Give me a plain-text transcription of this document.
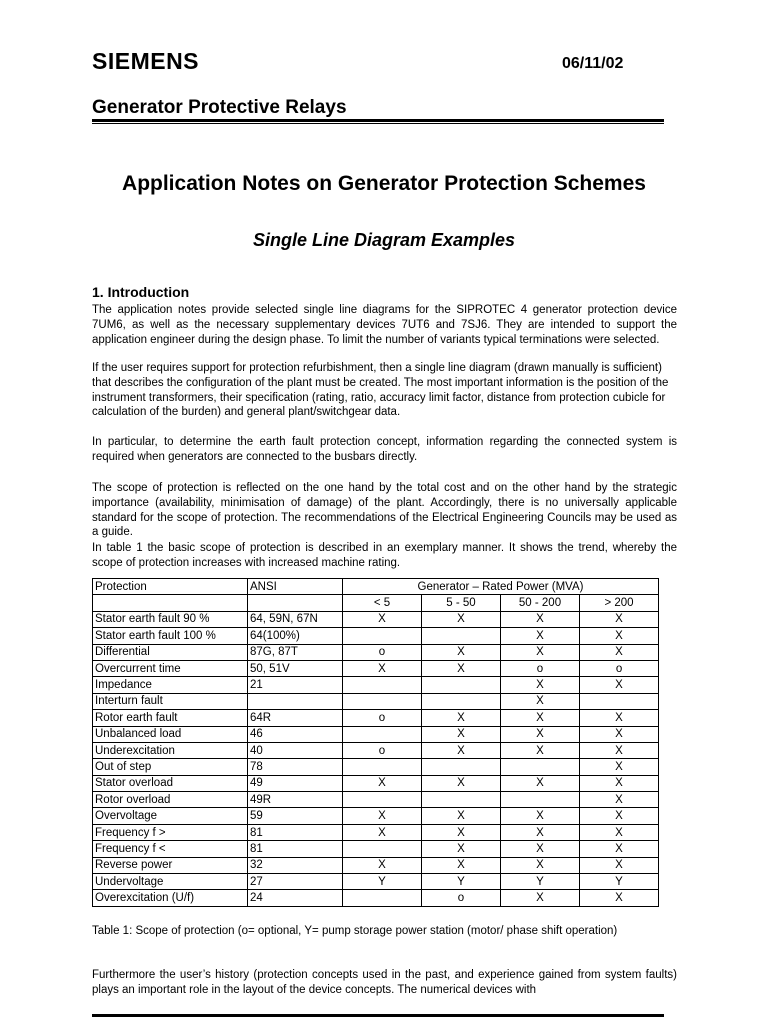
SIEMENS	06/11/02
Generator Protective Relays
Application Notes on Generator Protection Schemes
Single Line Diagram Examples
1. Introduction
The application notes provide selected single line diagrams for the SIPROTEC 4 generator protection device 7UM6, as well as the necessary supplementary devices 7UT6 and 7SJ6. They are intended to support the application engineer during the design phase. To limit the number of variants typical terminations were selected.
If the user requires support for protection refurbishment, then a single line diagram (drawn manually is sufficient) that describes the configuration of the plant must be created. The most important information is the position of the instrument transformers, their specification (rating, ratio, accuracy limit factor, distance from protection cubicle for calculation of the burden) and general plant/switchgear data.
In particular, to determine the earth fault protection concept, information regarding the connected system is required when generators are connected to the busbars directly.
The scope of protection is reflected on the one hand by the total cost and on the other hand by the strategic importance (availability, minimisation of damage) of the plant. Accordingly, there is no universally applicable standard for the scope of protection. The recommendations of the Electrical Engineering Councils may be used as a guide.
In table 1 the basic scope of protection is described in an exemplary manner. It shows the trend, whereby the scope of protection increases with increased machine rating.
Protection	ANSI	Generator – Rated Power (MVA)			
		< 5	5 - 50	50 - 200	> 200
Stator earth fault 90 %	64, 59N, 67N	X	X	X	X
Stator earth fault 100 %	64(100%)			X	X
Differential	87G, 87T	o	X	X	X
Overcurrent time	50, 51V	X	X	o	o
Impedance	21			X	X
Interturn fault				X	
Rotor earth fault	64R	o	X	X	X
Unbalanced load	46		X	X	X
Underexcitation	40	o	X	X	X
Out of step	78				X
Stator overload	49	X	X	X	X
Rotor overload	49R				X
Overvoltage	59	X	X	X	X
Frequency f >	81	X	X	X	X
Frequency f <	81		X	X	X
Reverse power	32	X	X	X	X
Undervoltage	27	Y	Y	Y	Y
Overexcitation (U/f)	24		o	X	X
Table 1: Scope of protection (o= optional, Y= pump storage power station (motor/ phase shift operation)
Furthermore the user’s history (protection concepts used in the past, and experience gained from system faults) plays an important role in the layout of the device concepts. The numerical devices with
